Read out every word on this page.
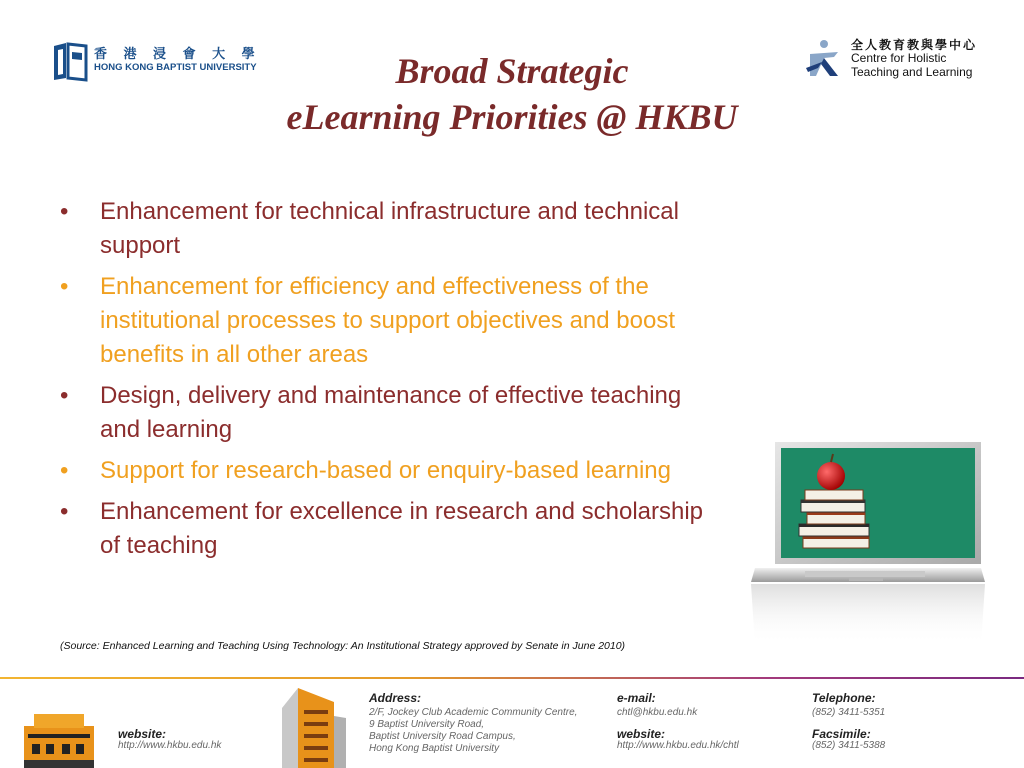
香 港 浸 會 大 學
HONG KONG BAPTIST UNIVERSITY
全人教育教與學中心
Centre for Holistic
Teaching and Learning
Broad Strategic
eLearning Priorities @ HKBU
• Enhancement for technical infrastructure and technical support
• Enhancement for efficiency and effectiveness of the institutional processes to support objectives and boost benefits in all other areas
• Design, delivery and maintenance of effective teaching and learning
• Support for research-based or enquiry-based learning
• Enhancement for excellence in research and scholarship of teaching
(Source: Enhanced Learning and Teaching Using Technology: An Institutional Strategy approved by Senate in June 2010)
website:
http://www.hkbu.edu.hk
Address:
2/F, Jockey Club Academic Community Centre,
9 Baptist University Road,
Baptist University Road Campus,
Hong Kong Baptist University
e-mail:
chtl@hkbu.edu.hk
website:
http://www.hkbu.edu.hk/chtl
Telephone:
(852) 3411-5351
Facsimile:
(852) 3411-5388
